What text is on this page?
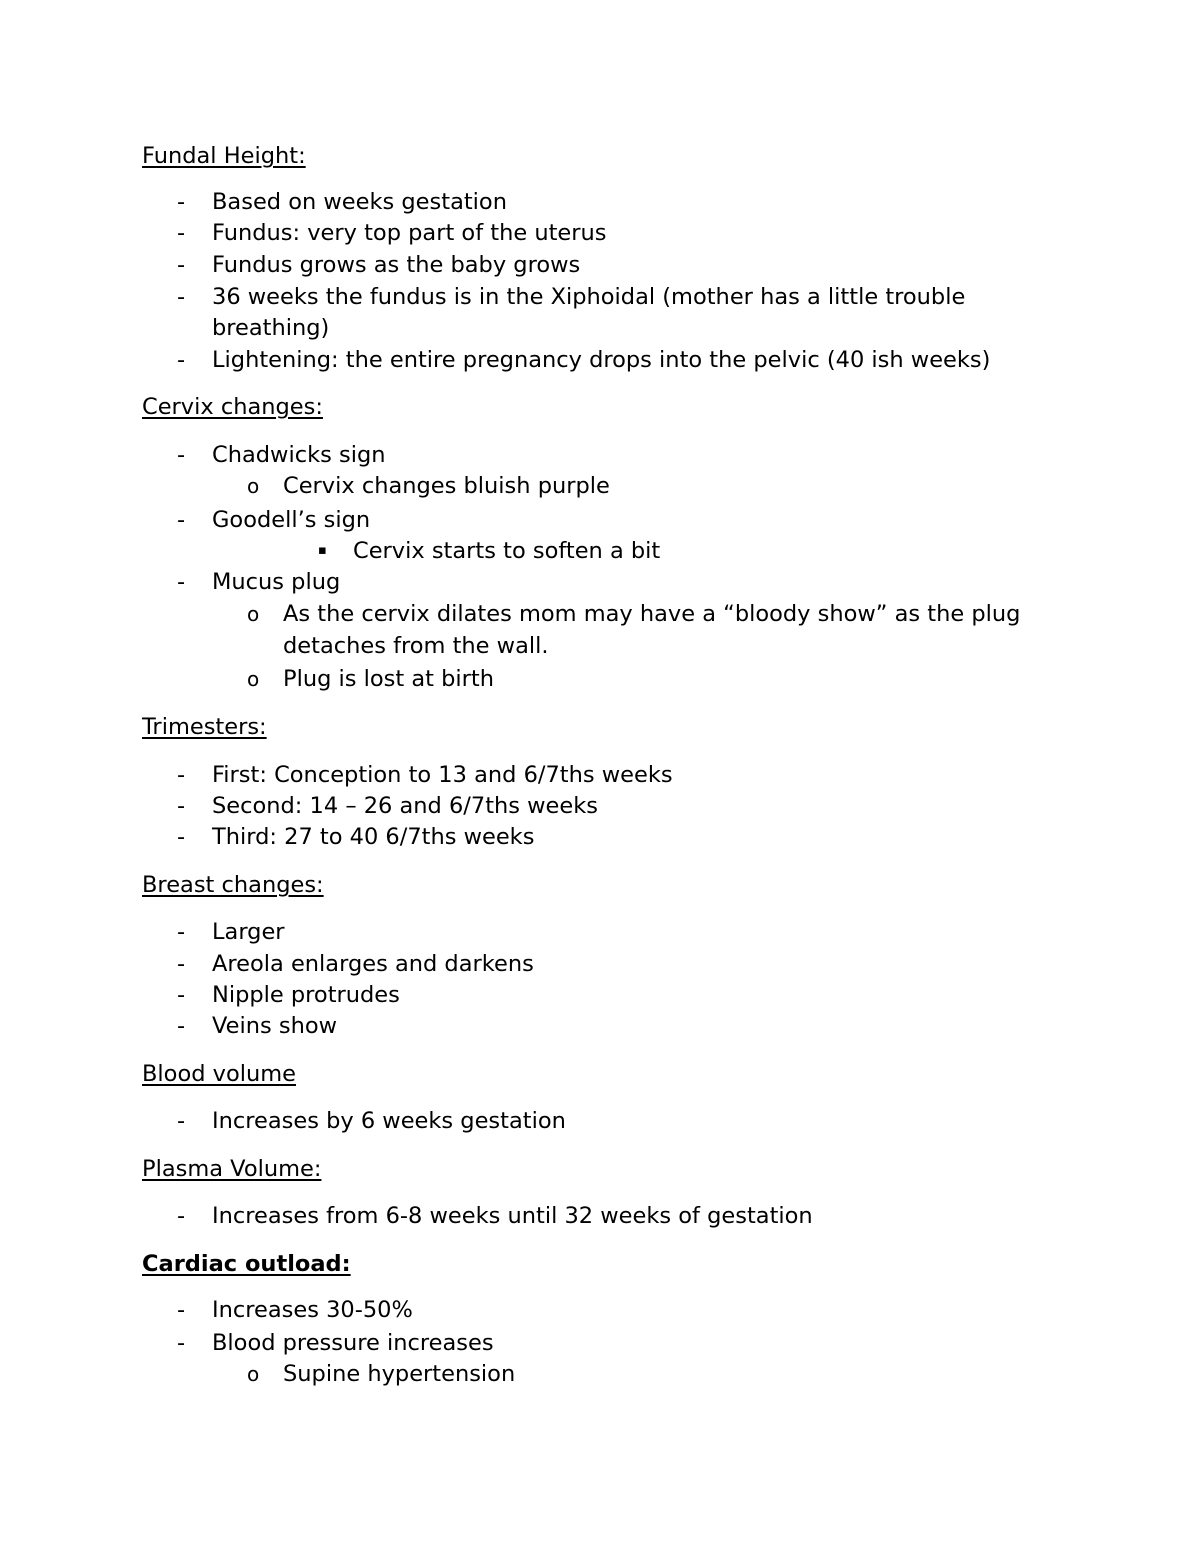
Fundal Height:
- Based on weeks gestation
- Fundus: very top part of the uterus
- Fundus grows as the baby grows
- 36 weeks the fundus is in the Xiphoidal (mother has a little trouble
breathing)
- Lightening: the entire pregnancy drops into the pelvic (40 ish weeks)
Cervix changes:
- Chadwicks sign
o Cervix changes bluish purple
- Goodell’s sign
▪ Cervix starts to soften a bit
- Mucus plug
o As the cervix dilates mom may have a “bloody show” as the plug
detaches from the wall.
o Plug is lost at birth
Trimesters:
- First: Conception to 13 and 6/7ths weeks
- Second: 14 – 26 and 6/7ths weeks
- Third: 27 to 40 6/7ths weeks
Breast changes:
- Larger
- Areola enlarges and darkens
- Nipple protrudes
- Veins show
Blood volume
- Increases by 6 weeks gestation
Plasma Volume:
- Increases from 6-8 weeks until 32 weeks of gestation
Cardiac outload:
- Increases 30-50%
- Blood pressure increases
o Supine hypertension
